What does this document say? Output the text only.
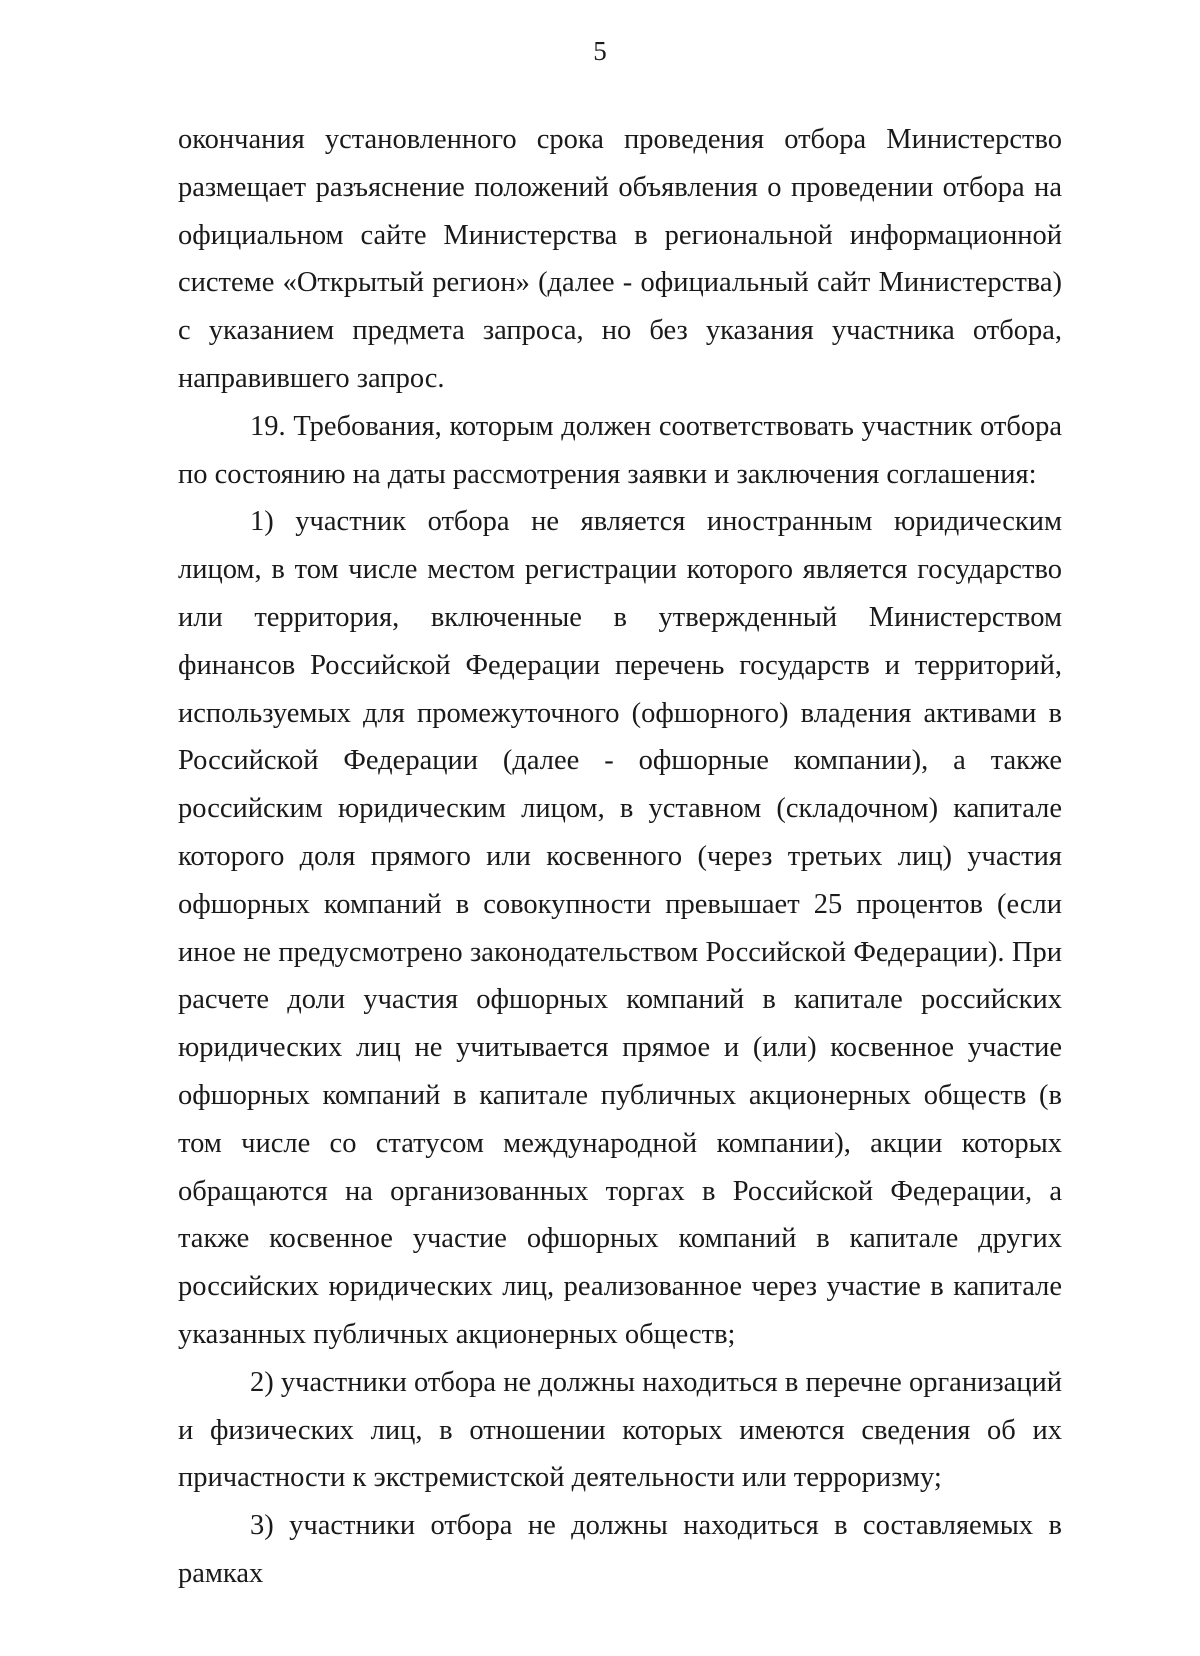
5

окончания установленного срока проведения отбора Министерство размещает разъяснение положений объявления о проведении отбора на официальном сайте Министерства в региональной информационной системе «Открытый регион» (далее - официальный сайт Министерства) с указанием предмета запроса, но без указания участника отбора, направившего запрос.

19. Требования, которым должен соответствовать участник отбора по состоянию на даты рассмотрения заявки и заключения соглашения:

1) участник отбора не является иностранным юридическим лицом, в том числе местом регистрации которого является государство или территория, включенные в утвержденный Министерством финансов Российской Федерации перечень государств и территорий, используемых для промежуточного (офшорного) владения активами в Российской Федерации (далее - офшорные компании), а также российским юридическим лицом, в уставном (складочном) капитале которого доля прямого или косвенного (через третьих лиц) участия офшорных компаний в совокупности превышает 25 процентов (если иное не предусмотрено законодательством Российской Федерации). При расчете доли участия офшорных компаний в капитале российских юридических лиц не учитывается прямое и (или) косвенное участие офшорных компаний в капитале публичных акционерных обществ (в том числе со статусом международной компании), акции которых обращаются на организованных торгах в Российской Федерации, а также косвенное участие офшорных компаний в капитале других российских юридических лиц, реализованное через участие в капитале указанных публичных акционерных обществ;

2) участники отбора не должны находиться в перечне организаций и физических лиц, в отношении которых имеются сведения об их причастности к экстремистской деятельности или терроризму;

3) участники отбора не должны находиться в составляемых в рамках
